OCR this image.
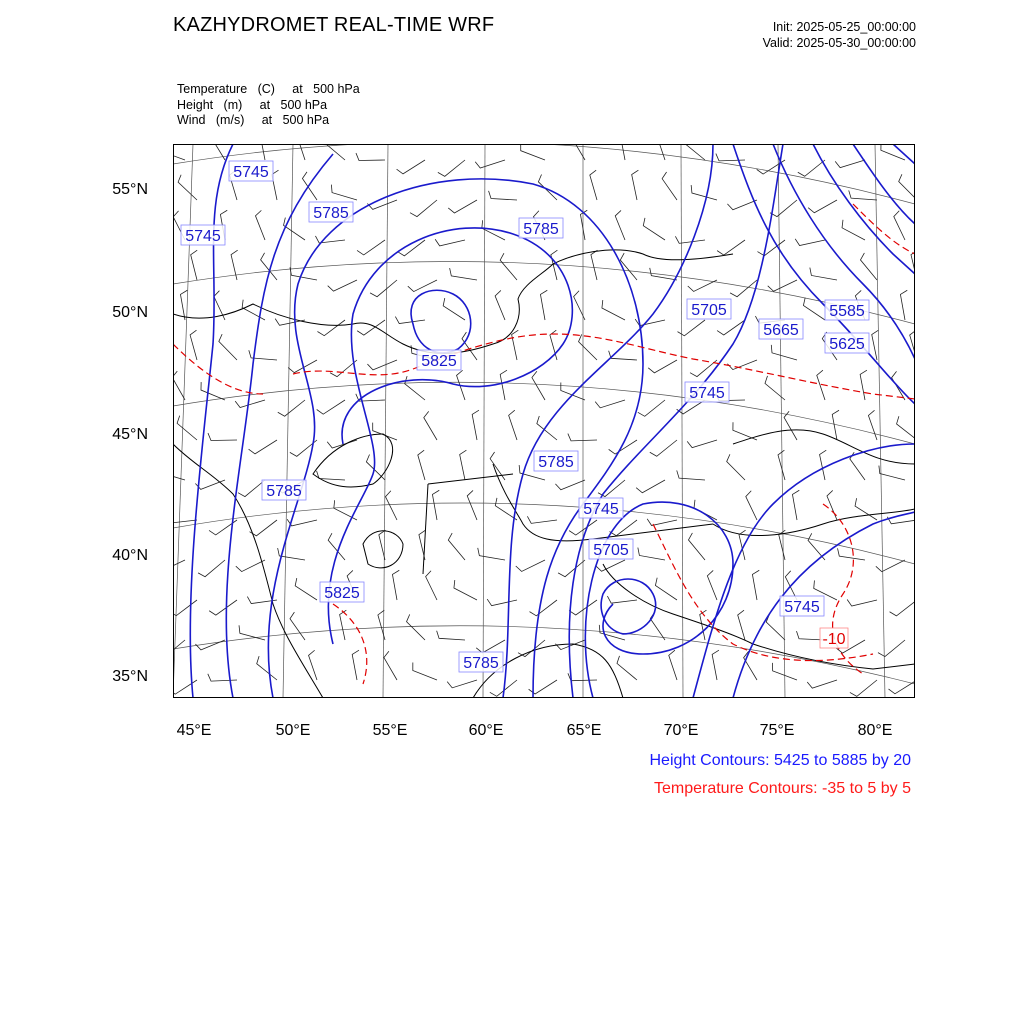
KAZHYDROMET REAL-TIME WRF	Init: 2025-05-25_00:00:00
Valid: 2025-05-30_00:00:00
Temperature   (C)     at   500 hPa
Height   (m)     at   500 hPa
Wind   (m/s)     at   500 hPa
5745
5745
5785
5785
5825
5705
5665
5585
5625
5745
5785
5785
5745
5705
5825
5785
5745
-10
55°N
50°N
45°N
40°N
35°N
45°E	50°E	55°E	60°E	65°E	70°E	75°E	80°E
Height Contours: 5425 to 5885 by 20
Temperature Contours: -35 to 5 by 5
